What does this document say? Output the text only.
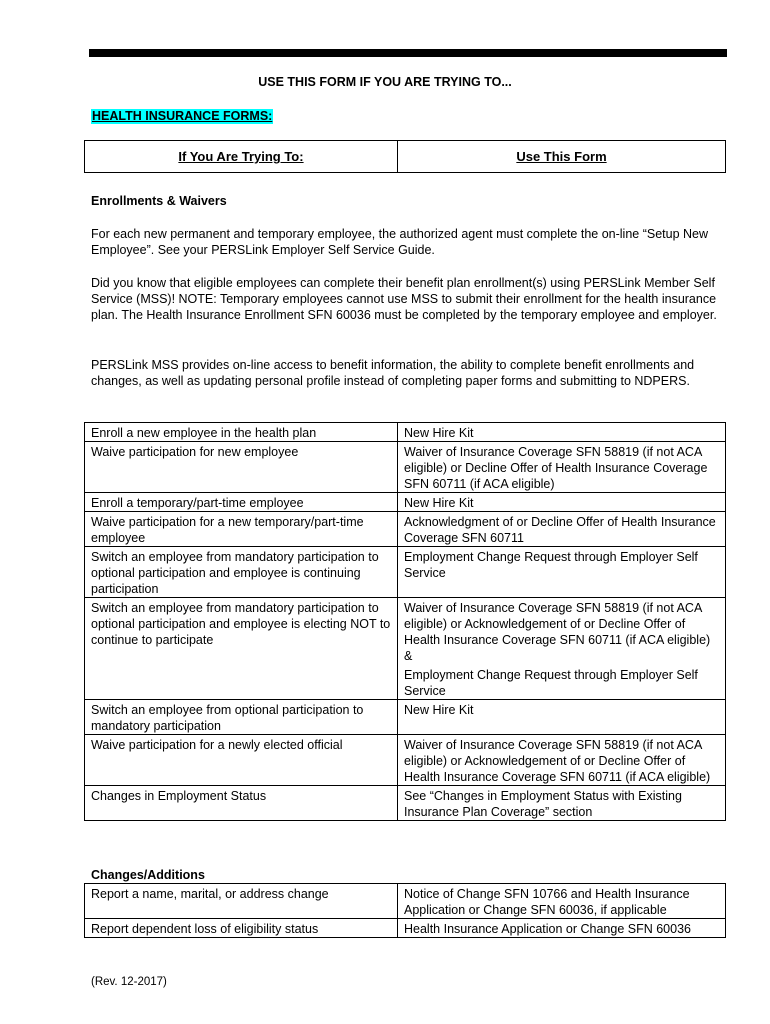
USE THIS FORM IF YOU ARE TRYING TO...
HEALTH INSURANCE FORMS:
If You Are Trying To:	Use This Form
Enrollments & Waivers
For each new permanent and temporary employee, the authorized agent must complete the on-line “Setup New Employee”. See your PERSLink Employer Self Service Guide.
Did you know that eligible employees can complete their benefit plan enrollment(s) using PERSLink Member Self Service (MSS)! NOTE: Temporary employees cannot use MSS to submit their enrollment for the health insurance plan. The Health Insurance Enrollment SFN 60036 must be completed by the temporary employee and employer.
PERSLink MSS provides on-line access to benefit information, the ability to complete benefit enrollments and changes, as well as updating personal profile instead of completing paper forms and submitting to NDPERS.
Enroll a new employee in the health plan	New Hire Kit
Waive participation for new employee	Waiver of Insurance Coverage SFN 58819 (if not ACA eligible) or Decline Offer of Health Insurance Coverage SFN 60711 (if ACA eligible)
Enroll a temporary/part-time employee	New Hire Kit
Waive participation for a new temporary/part-time employee	Acknowledgment of or Decline Offer of Health Insurance Coverage SFN 60711
Switch an employee from mandatory participation to optional participation and employee is continuing participation	Employment Change Request through Employer Self Service
Switch an employee from mandatory participation to optional participation and employee is electing NOT to continue to participate	Waiver of Insurance Coverage SFN 58819 (if not ACA eligible) or Acknowledgement of or Decline Offer of Health Insurance Coverage SFN 60711 (if ACA eligible) &
Employment Change Request through Employer Self Service

Switch an employee from optional participation to mandatory participation	New Hire Kit
Waive participation for a newly elected official	Waiver of Insurance Coverage SFN 58819 (if not ACA eligible) or Acknowledgement of or Decline Offer of Health Insurance Coverage SFN 60711 (if ACA eligible)
Changes in Employment Status	See “Changes in Employment Status with Existing Insurance Plan Coverage” section
Changes/Additions
Report a name, marital, or address change	Notice of Change SFN 10766 and Health Insurance Application or Change SFN 60036, if applicable
Report dependent loss of eligibility status	Health Insurance Application or Change SFN 60036
(Rev. 12-2017)
